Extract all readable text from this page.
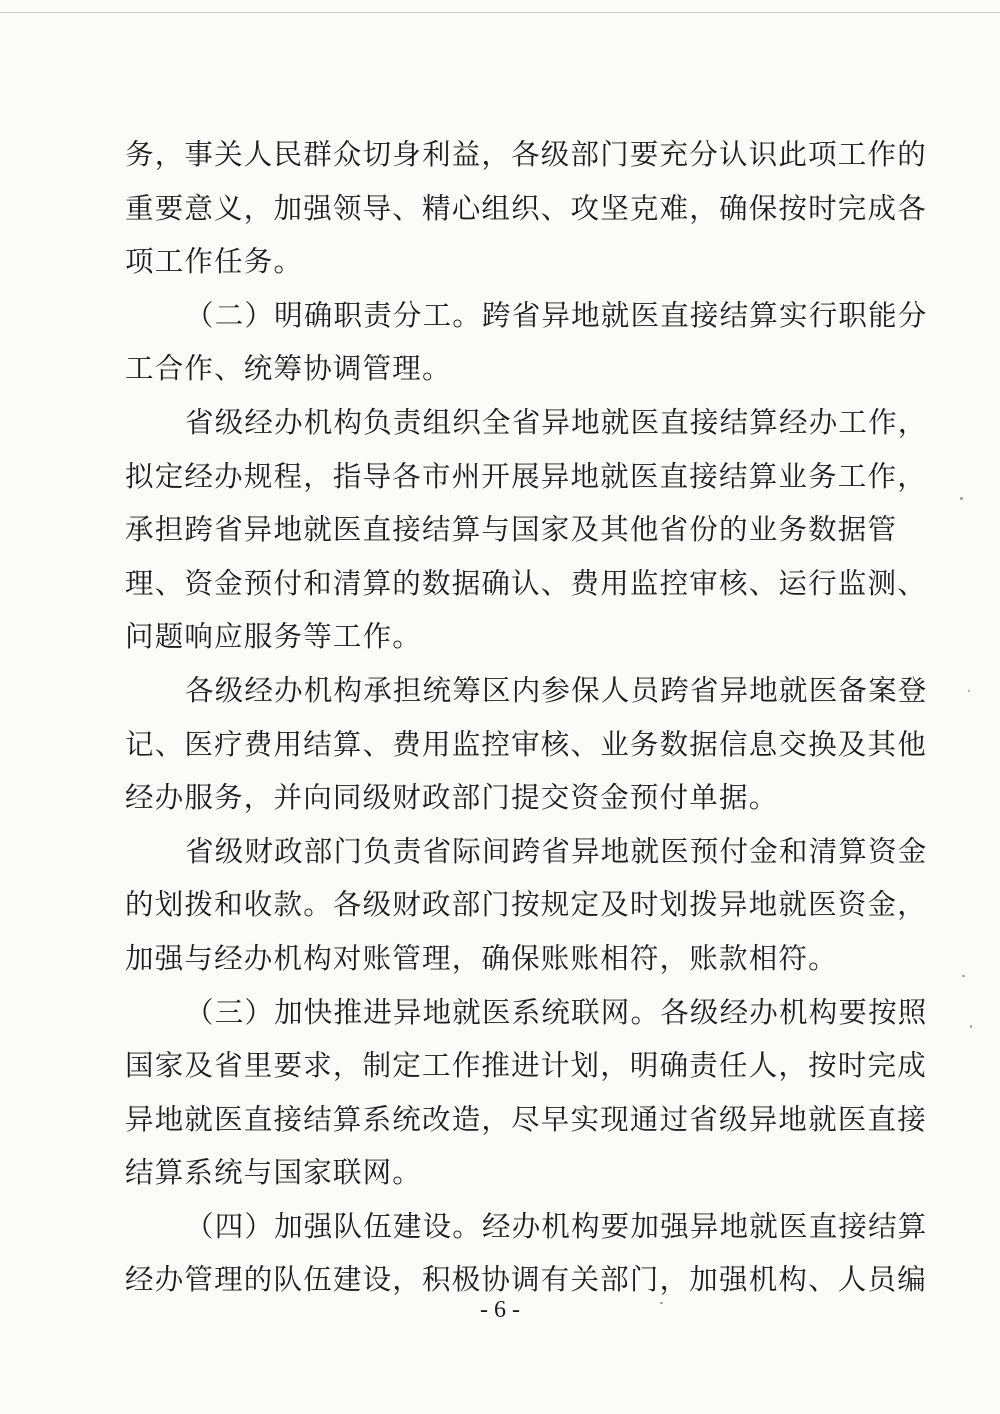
务，事关人民群众切身利益，各级部门要充分认识此项工作的
重要意义，加强领导、精心组织、攻坚克难，确保按时完成各
项工作任务。
（二）明确职责分工。跨省异地就医直接结算实行职能分
工合作、统筹协调管理。
省级经办机构负责组织全省异地就医直接结算经办工作，
拟定经办规程，指导各市州开展异地就医直接结算业务工作，
承担跨省异地就医直接结算与国家及其他省份的业务数据管
理、资金预付和清算的数据确认、费用监控审核、运行监测、
问题响应服务等工作。
各级经办机构承担统筹区内参保人员跨省异地就医备案登
记、医疗费用结算、费用监控审核、业务数据信息交换及其他
经办服务，并向同级财政部门提交资金预付单据。
省级财政部门负责省际间跨省异地就医预付金和清算资金
的划拨和收款。各级财政部门按规定及时划拨异地就医资金，
加强与经办机构对账管理，确保账账相符，账款相符。
（三）加快推进异地就医系统联网。各级经办机构要按照
国家及省里要求，制定工作推进计划，明确责任人，按时完成
异地就医直接结算系统改造，尽早实现通过省级异地就医直接
结算系统与国家联网。
（四）加强队伍建设。经办机构要加强异地就医直接结算
经办管理的队伍建设，积极协调有关部门，加强机构、人员编
- 6 -
